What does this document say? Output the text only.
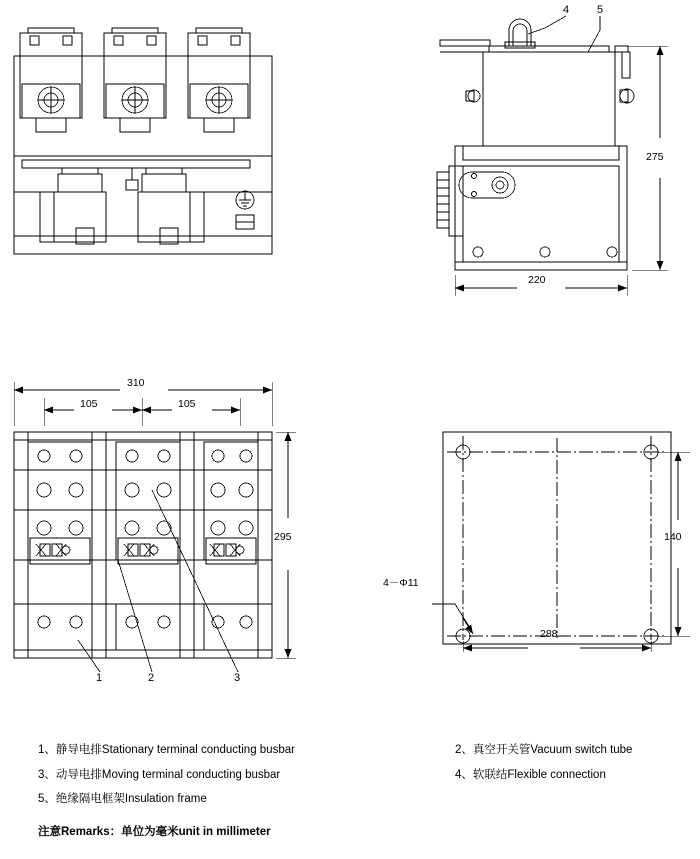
275
220
310
105	105
295	140
288
4－Φ11
4	5
1	2	3
1、静导电排Stationary terminal conducting busbar
3、动导电排Moving terminal conducting busbar
5、绝缘隔电框架Insulation frame
2、真空开关管Vacuum switch tube
4、软联结Flexible connection
注意Remarks：单位为毫米unit in millimeter
